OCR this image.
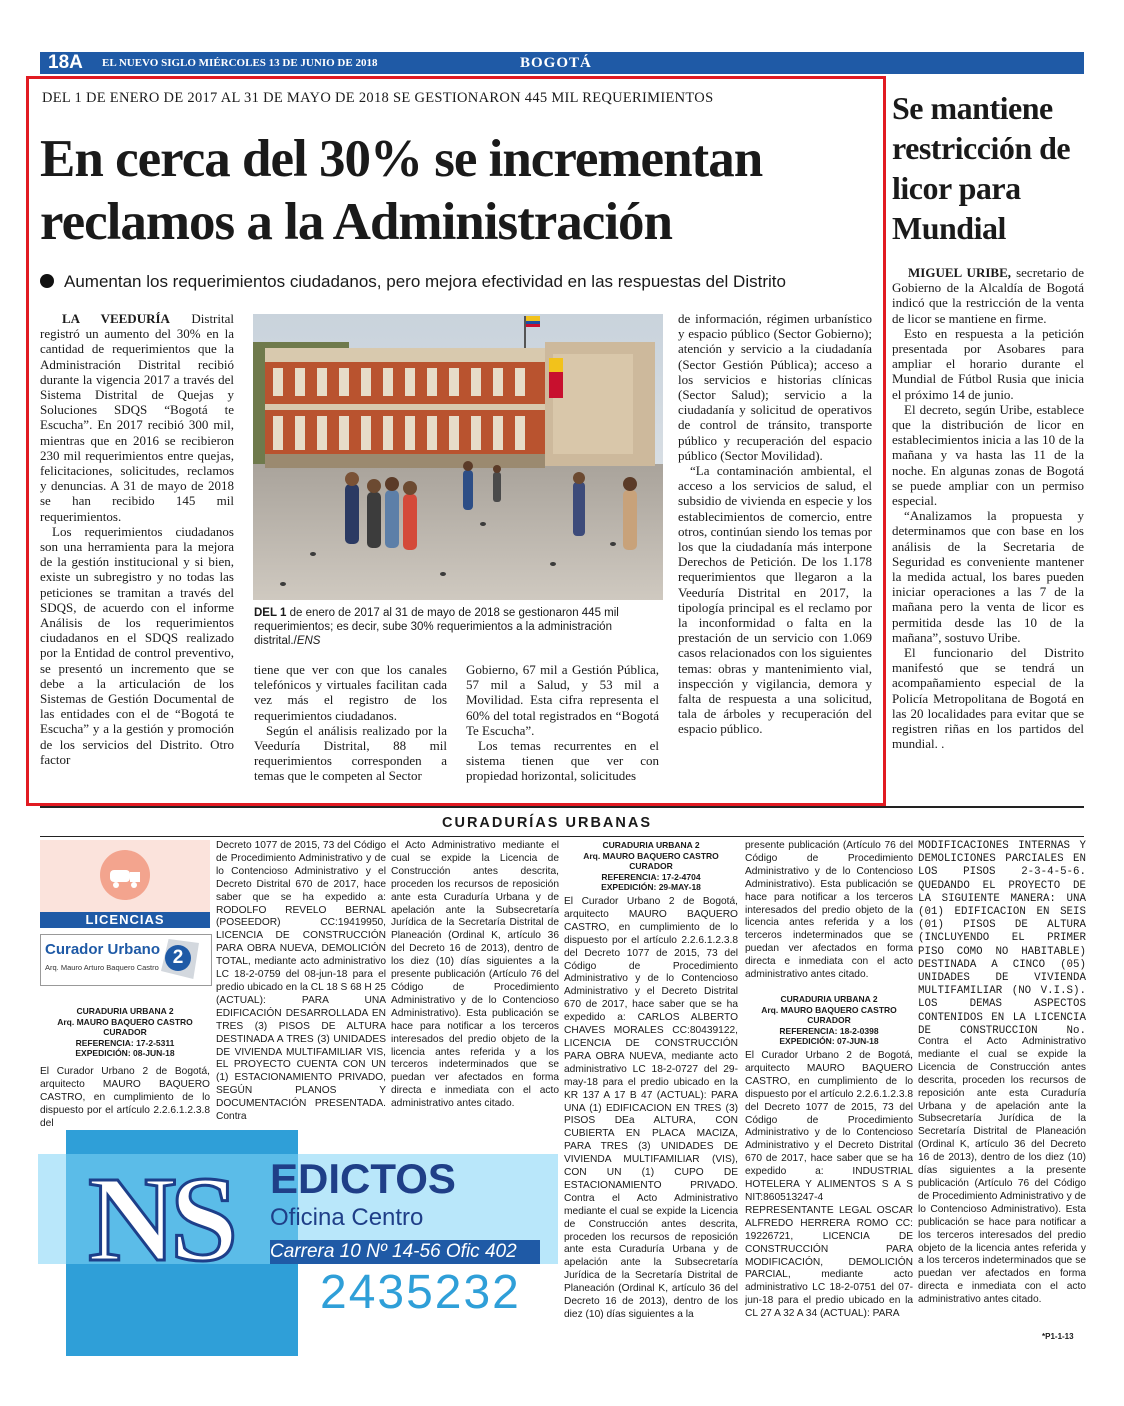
18A EL NUEVO SIGLO MIÉRCOLES 13 DE JUNIO DE 2018	BOGOTÁ
DEL 1 DE ENERO DE 2017 AL 31 DE MAYO DE 2018 SE GESTIONARON 445 MIL REQUERIMIENTOS
En cerca del 30% se incrementan
reclamos a la Administración
Aumentan los requerimientos ciudadanos, pero mejora efectividad en las respuestas del Distrito

LA VEEDURÍA Distrital registró un aumento del 30% en la cantidad de requerimientos que la Administración Distrital recibió durante la vigencia 2017 a través del Sistema Distrital de Quejas y Soluciones SDQS “Bogotá te Escucha”. En 2017 recibió 300 mil, mientras que en 2016 se recibieron 230 mil requerimientos entre quejas, felicitaciones, solicitudes, reclamos y denuncias. A 31 de mayo de 2018 se han recibido 145 mil requerimientos.

Los requerimientos ciudadanos son una herramienta para la mejora de la gestión institucional y si bien, existe un subregistro y no todas las peticiones se tramitan a través del SDQS, de acuerdo con el informe Análisis de los requerimientos ciudadanos en el SDQS realizado por la Entidad de control preventivo, se presentó un incremento que se debe a la articulación de los Sistemas de Gestión Documental de las entidades con el de “Bogotá te Escucha” y a la gestión y promoción de los servicios del Distrito. Otro factor

DEL 1 de enero de 2017 al 31 de mayo de 2018 se gestionaron 445 mil requerimientos; es decir, sube 30% requerimientos a la administración distrital./ENS

tiene que ver con que los canales telefónicos y virtuales facilitan cada vez más el registro de los requerimientos ciudadanos.

Según el análisis realizado por la Veeduría Distrital, 88 mil requerimientos corresponden a temas que le competen al Sector

Gobierno, 67 mil a Gestión Pública, 57 mil a Salud, y 53 mil a Movilidad. Esta cifra representa el 60% del total registrados en “Bogotá Te Escucha”.

Los temas recurrentes en el sistema tienen que ver con propiedad horizontal, solicitudes

de información, régimen urbanístico y espacio público (Sector Gobierno); atención y servicio a la ciudadanía (Sector Gestión Pública); acceso a los servicios e historias clínicas (Sector Salud); servicio a la ciudadanía y solicitud de operativos de control de tránsito, transporte público y recuperación del espacio público (Sector Movilidad).

“La contaminación ambiental, el acceso a los servicios de salud, el subsidio de vivienda en especie y los establecimientos de comercio, entre otros, continúan siendo los temas por los que la ciudadanía más interpone Derechos de Petición. De los 1.178 requerimientos que llegaron a la Veeduría Distrital en 2017, la tipología principal es el reclamo por la inconformidad o falta en la prestación de un servicio con 1.069 casos relacionados con los siguientes temas: obras y mantenimiento vial, inspección y vigilancia, demora y falta de respuesta a una solicitud, tala de árboles y recuperación del espacio público.

Se mantiene restricción de licor para Mundial

MIGUEL URIBE, secretario de Gobierno de la Alcaldía de Bogotá indicó que la restricción de la venta de licor se mantiene en firme.

Esto en respuesta a la petición presentada por Asobares para ampliar el horario durante el Mundial de Fútbol Rusia que inicia el próximo 14 de junio.

El decreto, según Uribe, establece que la distribución de licor en establecimientos inicia a las 10 de la mañana y va hasta las 11 de la noche. En algunas zonas de Bogotá se puede ampliar con un permiso especial.

“Analizamos la propuesta y determinamos que con base en los análisis de la Secretaria de Seguridad es conveniente mantener la medida actual, los bares pueden iniciar operaciones a las 7 de la mañana pero la venta de licor es permitida desde las 10 de la mañana”, sostuvo Uribe.

El funcionario del Distrito manifestó que se tendrá un acompañamiento especial de la Policía Metropolitana de Bogotá en las 20 localidades para evitar que se registren riñas en los partidos del mundial. .

CURADURÍAS URBANAS
LICENCIAS
Curador Urbano
Arq. Mauro Arturo Baquero Castro 2
CURADURIA URBANA 2
Arq. MAURO BAQUERO CASTRO
CURADOR
REFERENCIA: 17-2-5311
EXPEDICIÓN: 08-JUN-18
El Curador Urbano 2 de Bogotá, arquitecto MAURO BAQUERO CASTRO, en cumplimiento de lo dispuesto por el artículo 2.2.6.1.2.3.8 del
Decreto 1077 de 2015, 73 del Código de Procedimiento Administrativo y de lo Contencioso Administrativo y el Decreto Distrital 670 de 2017, hace saber que se ha expedido a: RODOLFO REVELO BERNAL (POSEEDOR) CC:19419950, LICENCIA DE CONSTRUCCIÓN PARA OBRA NUEVA, DEMOLICIÓN TOTAL, mediante acto administrativo LC 18-2-0759 del 08-jun-18 para el predio ubicado en la CL 18 S 68 H 25 (ACTUAL): PARA UNA EDIFICACIÓN DESARROLLADA EN TRES (3) PISOS DE ALTURA DESTINADA A TRES (3) UNIDADES DE VIVIENDA MULTIFAMILIAR VIS, EL PROYECTO CUENTA CON UN (1) ESTACIONAMIENTO PRIVADO, SEGÚN PLANOS Y DOCUMENTACIÓN PRESENTADA. Contra
el Acto Administrativo mediante el cual se expide la Licencia de Construcción antes descrita, proceden los recursos de reposición ante esta Curaduría Urbana y de apelación ante la Subsecretaría Jurídica de la Secretaría Distrital de Planeación (Ordinal K, artículo 36 del Decreto 16 de 2013), dentro de los diez (10) días siguientes a la presente publicación (Artículo 76 del Código de Procedimiento Administrativo y de lo Contencioso Administrativo). Esta publicación se hace para notificar a los terceros interesados del predio objeto de la licencia antes referida y a los terceros indeterminados que se puedan ver afectados en forma directa e inmediata con el acto administrativo antes citado.
CURADURIA URBANA 2
Arq. MAURO BAQUERO CASTRO
CURADOR
REFERENCIA: 17-2-4704
EXPEDICIÓN: 29-MAY-18
El Curador Urbano 2 de Bogotá, arquitecto MAURO BAQUERO CASTRO, en cumplimiento de lo dispuesto por el artículo 2.2.6.1.2.3.8 del Decreto 1077 de 2015, 73 del Código de Procedimiento Administrativo y de lo Contencioso Administrativo y el Decreto Distrital 670 de 2017, hace saber que se ha expedido a: CARLOS ALBERTO CHAVES MORALES CC:80439122, LICENCIA DE CONSTRUCCIÓN PARA OBRA NUEVA, mediante acto administrativo LC 18-2-0727 del 29-may-18 para el predio ubicado en la KR 137 A 17 B 47 (ACTUAL): PARA UNA (1) EDIFICACION EN TRES (3) PISOS DEa ALTURA, CON CUBIERTA EN PLACA MACIZA, PARA TRES (3) UNIDADES DE VIVIENDA MULTIFAMILIAR (VIS), CON UN (1) CUPO DE ESTACIONAMIENTO PRIVADO. Contra el Acto Administrativo mediante el cual se expide la Licencia de Construcción antes descrita, proceden los recursos de reposición ante esta Curaduría Urbana y de apelación ante la Subsecretaría Jurídica de la Secretaría Distrital de Planeación (Ordinal K, artículo 36 del Decreto 16 de 2013), dentro de los diez (10) días siguientes a la
presente publicación (Artículo 76 del Código de Procedimiento Administrativo y de lo Contencioso Administrativo). Esta publicación se hace para notificar a los terceros interesados del predio objeto de la licencia antes referida y a los terceros indeterminados que se puedan ver afectados en forma directa e inmediata con el acto administrativo antes citado.
CURADURIA URBANA 2
Arq. MAURO BAQUERO CASTRO
CURADOR
REFERENCIA: 18-2-0398
EXPEDICIÓN: 07-JUN-18
El Curador Urbano 2 de Bogotá, arquitecto MAURO BAQUERO CASTRO, en cumplimiento de lo dispuesto por el artículo 2.2.6.1.2.3.8 del Decreto 1077 de 2015, 73 del Código de Procedimiento Administrativo y de lo Contencioso Administrativo y el Decreto Distrital 670 de 2017, hace saber que se ha expedido a: INDUSTRIAL HOTELERA Y ALIMENTOS S A S NIT:860513247-4 REPRESENTANTE LEGAL OSCAR ALFREDO HERRERA ROMO CC: 19226721, LICENCIA DE CONSTRUCCIÓN PARA MODIFICACIÓN, DEMOLICIÓN PARCIAL, mediante acto administrativo LC 18-2-0751 del 07-jun-18 para el predio ubicado en la CL 27 A 32 A 34 (ACTUAL): PARA
MODIFICACIONES INTERNAS Y DEMOLICIONES PARCIALES EN LOS PISOS 2-3-4-5-6. QUEDANDO EL PROYECTO DE LA SIGUIENTE MANERA: UNA (01) EDIFICACION EN SEIS (01) PISOS DE ALTURA (INCLUYENDO EL PRIMER PISO COMO NO HABITABLE) DESTINADA A CINCO (05) UNIDADES DE VIVIENDA MULTIFAMILIAR (NO V.I.S). LOS DEMAS ASPECTOS CONTENIDOS EN LA LICENCIA DE CONSTRUCCION No.
Contra el Acto Administrativo mediante el cual se expide la Licencia de Construcción antes descrita, proceden los recursos de reposición ante esta Curaduría Urbana y de apelación ante la Subsecretaría Jurídica de la Secretaría Distrital de Planeación (Ordinal K, artículo 36 del Decreto 16 de 2013), dentro de los diez (10) días siguientes a la presente publicación (Artículo 76 del Código de Procedimiento Administrativo y de lo Contencioso Administrativo). Esta publicación se hace para notificar a los terceros interesados del predio objeto de la licencia antes referida y a los terceros indeterminados que se puedan ver afectados en forma directa e inmediata con el acto administrativo antes citado.
*P1-1-13
NS EDICTOS
Oficina Centro
Carrera 10 Nº 14-56 Ofic 402
2435232
